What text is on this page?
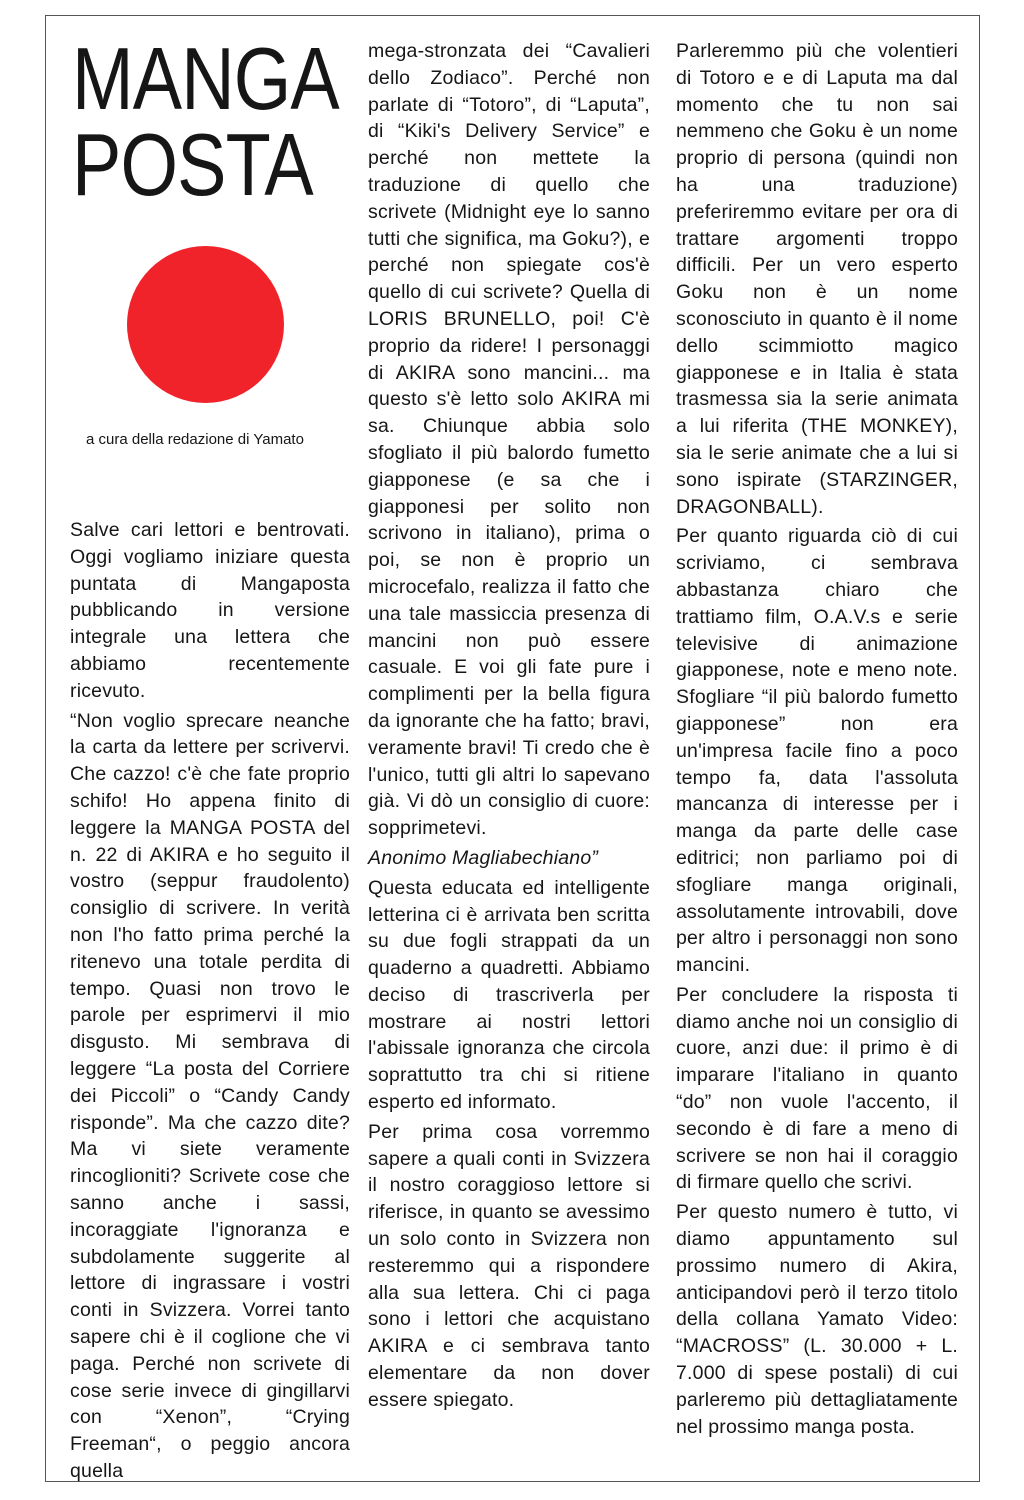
MANGA
POSTA
a cura della redazione di Yamato

Salve cari lettori e bentrovati. Oggi vogliamo iniziare questa puntata di Mangaposta pubblicando in versione integrale una lettera che abbiamo recentemente ricevuto.

“Non voglio sprecare neanche la carta da lettere per scrivervi. Che cazzo! c'è che fate proprio schifo! Ho appena finito di leggere la MANGA POSTA del n. 22 di AKIRA e ho seguito il vostro (seppur fraudolento) consiglio di scrivere. In verità non l'ho fatto prima perché la ritenevo una totale perdita di tempo. Quasi non trovo le parole per esprimervi il mio disgusto. Mi sembrava di leggere “La posta del Corriere dei Piccoli” o “Candy Candy risponde”. Ma che cazzo dite? Ma vi siete veramente rincoglioniti? Scrivete cose che sanno anche i sassi, incoraggiate l'ignoranza e subdolamente suggerite al lettore di ingrassare i vostri conti in Svizzera. Vorrei tanto sapere chi è il coglione che vi paga. Perché non scrivete di cose serie invece di gingillarvi con “Xenon”, “Crying Freeman“, o peggio ancora quella

mega-stronzata dei “Cavalieri dello Zodiaco”. Perché non parlate di “Totoro”, di “Laputa”, di “Kiki's Delivery Service” e perché non mettete la traduzione di quello che scrivete (Midnight eye lo sanno tutti che significa, ma Goku?), e perché non spiegate cos'è quello di cui scrivete? Quella di LORIS BRUNELLO, poi! C'è proprio da ridere! I personaggi di AKIRA sono mancini... ma questo s'è letto solo AKIRA mi sa. Chiunque abbia solo sfogliato il più balordo fumetto giapponese (e sa che i giapponesi per solito non scrivono in italiano), prima o poi, se non è proprio un microcefalo, realizza il fatto che una tale massiccia presenza di mancini non può essere casuale. E voi gli fate pure i complimenti per la bella figura da ignorante che ha fatto; bravi, veramente bravi! Ti credo che è l'unico, tutti gli altri lo sapevano già. Vi dò un consiglio di cuore: sopprimetevi.

Anonimo Magliabechiano”

Questa educata ed intelligente letterina ci è arrivata ben scritta su due fogli strappati da un quaderno a quadretti. Abbiamo deciso di trascriverla per mostrare ai nostri lettori l'abissale ignoranza che circola soprattutto tra chi si ritiene esperto ed informato.

Per prima cosa vorremmo sapere a quali conti in Svizzera il nostro coraggioso lettore si riferisce, in quanto se avessimo un solo conto in Svizzera non resteremmo qui a rispondere alla sua lettera. Chi ci paga sono i lettori che acquistano AKIRA e ci sembrava tanto elementare da non dover essere spiegato.

Parleremmo più che volentieri di Totoro e e di Laputa ma dal momento che tu non sai nemmeno che Goku è un nome proprio di persona (quindi non ha una traduzione) preferiremmo evitare per ora di trattare argomenti troppo difficili. Per un vero esperto Goku non è un nome sconosciuto in quanto è il nome dello scimmiotto magico giapponese e in Italia è stata trasmessa sia la serie animata a lui riferita (THE MONKEY), sia le serie animate che a lui si sono ispirate (STARZINGER, DRAGONBALL).

Per quanto riguarda ciò di cui scriviamo, ci sembrava abbastanza chiaro che trattiamo film, O.A.V.s e serie televisive di animazione giapponese, note e meno note. Sfogliare “il più balordo fumetto giapponese” non era un'impresa facile fino a poco tempo fa, data l'assoluta mancanza di interesse per i manga da parte delle case editrici; non parliamo poi di sfogliare manga originali, assolutamente introvabili, dove per altro i personaggi non sono mancini.

Per concludere la risposta ti diamo anche noi un consiglio di cuore, anzi due: il primo è di imparare l'italiano in quanto “do” non vuole l'accento, il secondo è di fare a meno di scrivere se non hai il coraggio di firmare quello che scrivi.

Per questo numero è tutto, vi diamo appuntamento sul prossimo numero di Akira, anticipandovi però il terzo titolo della collana Yamato Video: “MACROSS” (L. 30.000 + L. 7.000 di spese postali) di cui parleremo più dettagliatamente nel prossimo manga posta.
